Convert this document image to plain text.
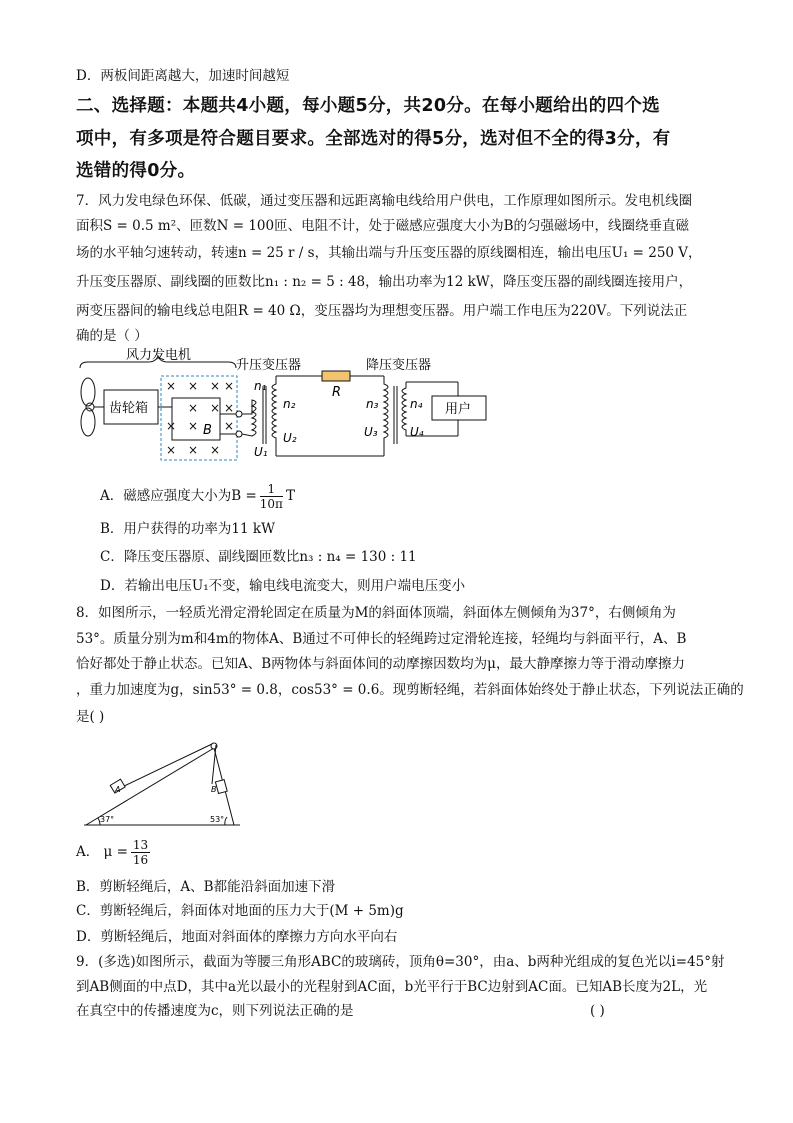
D．两板间距离越大，加速时间越短
二、选择题：本题共4小题，每小题5分，共20分。在每小题给出的四个选
项中，有多项是符合题目要求。全部选对的得5分，选对但不全的得3分，有
选错的得0分。
7．风力发电绿色环保、低碳，通过变压器和远距离输电线给用户供电，工作原理如图所示。发电机线圈
面积S = 0.5 m²、匝数N = 100匝、电阻不计，处于磁感应强度大小为B的匀强磁场中，线圈绕垂直磁
场的水平轴匀速转动，转速n = 25 r / s，其输出端与升压变压器的原线圈相连，输出电压U₁ = 250 V，
升压变压器原、副线圈的匝数比n₁ : n₂ = 5 : 48，输出功率为12 kW，降压变压器的副线圈连接用户，
两变压器间的输电线总电阻R = 40 Ω，变压器均为理想变压器。用户端工作电压为220V。下列说法正
确的是（ ）
风力发电机
齿轮箱
× × × ×
× × ×
× × ×
× × ×
B
U₁
n₁
升压变压器
n₂
U₂
R
降压变压器
n₃
U₃
n₄
U₄
用户
A．磁感应强度大小为$B = \frac{1}{10\pi}$ T
B．用户获得的功率为11 kW
C．降压变压器原、副线圈匝数比n₃ : n₄ = 130 : 11
D．若输出电压U₁不变，输电线电流变大，则用户端电压变小
8．如图所示，一轻质光滑定滑轮固定在质量为M的斜面体顶端，斜面体左侧倾角为37°，右侧倾角为
53°。质量分别为m和4m的物体A、B通过不可伸长的轻绳跨过定滑轮连接，轻绳均与斜面平行，A、B
恰好都处于静止状态。已知A、B两物体与斜面体间的动摩擦因数均为μ，最大静摩擦力等于滑动摩擦力
，重力加速度为g，sin53° = 0.8，cos53° = 0.6。现剪断轻绳，若斜面体始终处于静止状态，下列说法正确的
是( )
A	B
37°	53°
A． $\mu = \frac{13}{16}$
B．剪断轻绳后，A、B都能沿斜面加速下滑
C．剪断轻绳后，斜面体对地面的压力大于(M + 5m)g
D．剪断轻绳后，地面对斜面体的摩擦力方向水平向右
9．(多选)如图所示，截面为等腰三角形ABC的玻璃砖，顶角θ=30°，由a、b两种光组成的复色光以i=45°射
到AB侧面的中点D，其中a光以最小的光程射到AC面，b光平行于BC边射到AC面。已知AB长度为2L，光
在真空中的传播速度为c，则下列说法正确的是	( )
